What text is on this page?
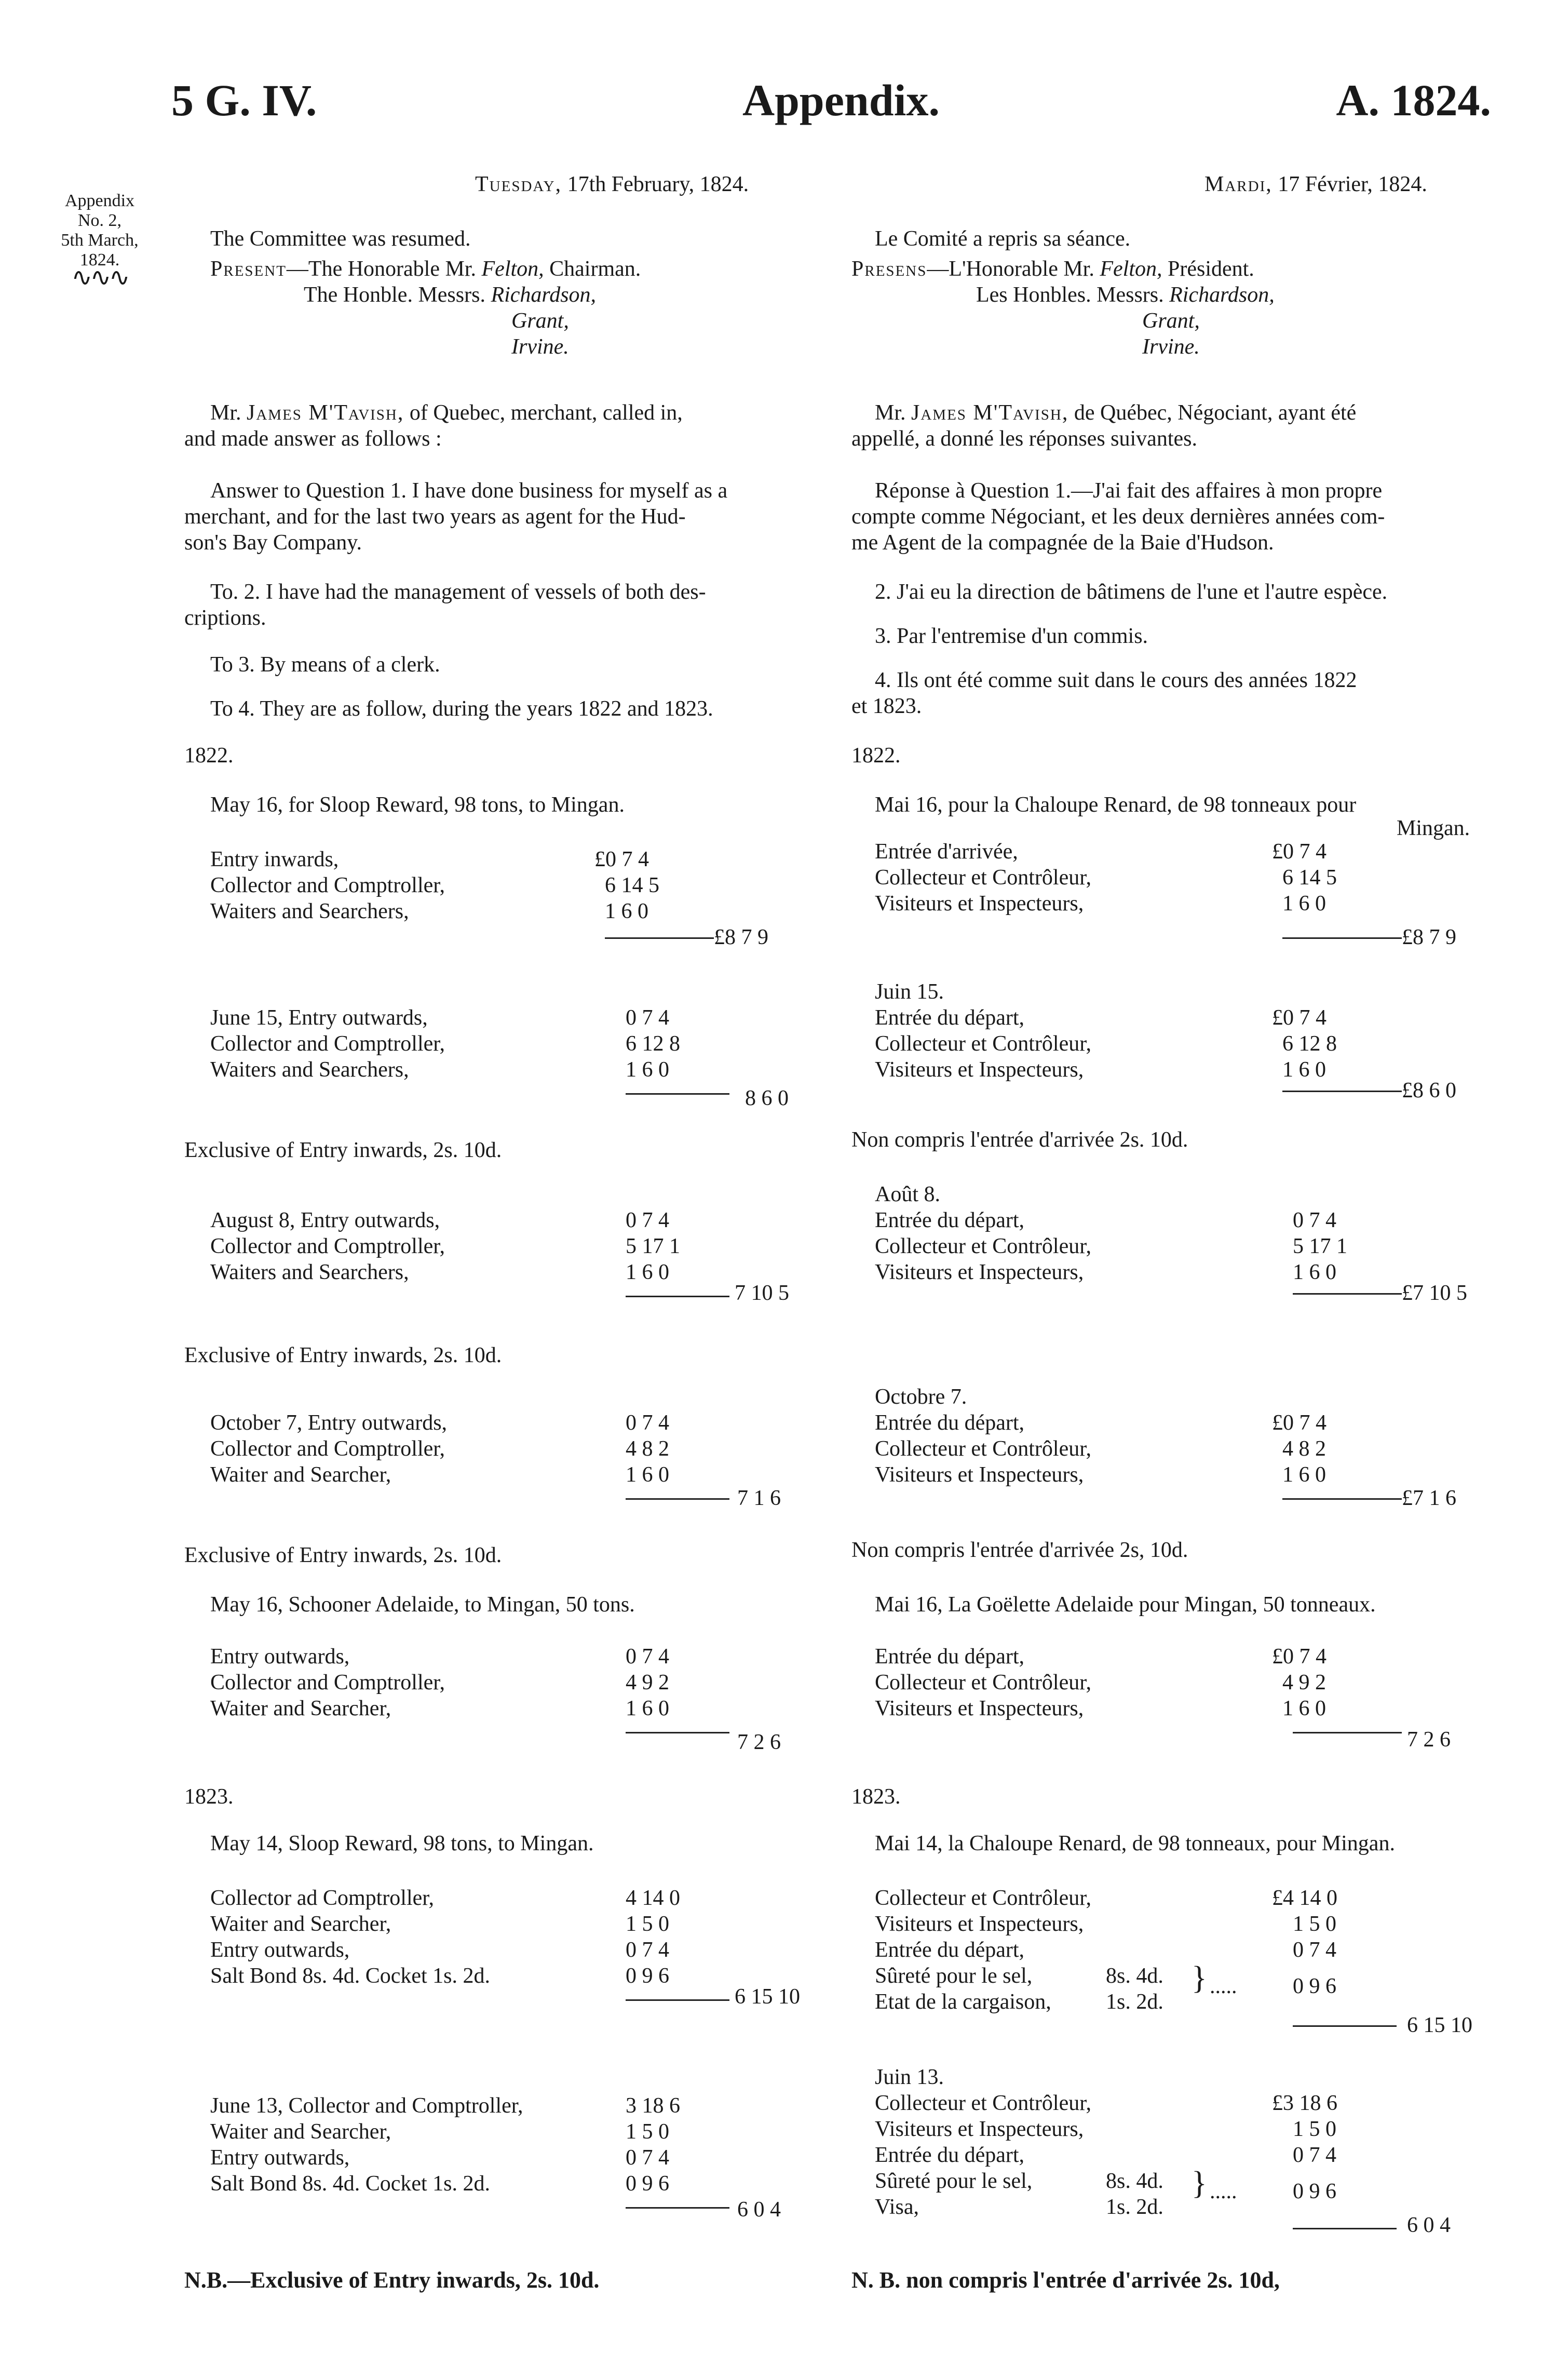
5 G. IV.	Appendix.	A. 1824.
Appendix
No. 2,
5th March,
1824.
∿∿∿
Tuesday, 17th February, 1824.
The Committee was resumed.
Present—The Honorable Mr. Felton, Chairman.
The Honble. Messrs. Richardson,
Grant,
Irvine.
Mr. James M'Tavish, of Quebec, merchant, called in,
and made answer as follows :
Answer to Question 1. I have done business for myself as a
merchant, and for the last two years as agent for the Hud-
son's Bay Company.
To. 2. I have had the management of vessels of both des-
criptions.
To 3. By means of a clerk.
To 4. They are as follow, during the years 1822 and 1823.
1822.
May 16, for Sloop Reward, 98 tons, to Mingan.
Entry inwards,	£0 7 4
Collector and Comptroller,	6 14 5
Waiters and Searchers,	1 6 0
£8 7 9
June 15, Entry outwards,	0 7 4
Collector and Comptroller,	6 12 8
Waiters and Searchers,	1 6 0
8 6 0
Exclusive of Entry inwards, 2s. 10d.
August 8, Entry outwards,	0 7 4
Collector and Comptroller,	5 17 1
Waiters and Searchers,	1 6 0
7 10 5
Exclusive of Entry inwards, 2s. 10d.
October 7, Entry outwards,	0 7 4
Collector and Comptroller,	4 8 2
Waiter and Searcher,	1 6 0
7 1 6
Exclusive of Entry inwards, 2s. 10d.
May 16, Schooner Adelaide, to Mingan, 50 tons.
Entry outwards,	0 7 4
Collector and Comptroller,	4 9 2
Waiter and Searcher,	1 6 0
7 2 6
1823.
May 14, Sloop Reward, 98 tons, to Mingan.
Collector ad Comptroller,	4 14 0
Waiter and Searcher,	1 5 0
Entry outwards,	0 7 4
Salt Bond 8s. 4d. Cocket 1s. 2d.	0 9 6
6 15 10
June 13, Collector and Comptroller,	3 18 6
Waiter and Searcher,	1 5 0
Entry outwards,	0 7 4
Salt Bond 8s. 4d. Cocket 1s. 2d.	0 9 6
6 0 4
N.B.—Exclusive of Entry inwards, 2s. 10d.
Mardi, 17 Février, 1824.
Le Comité a repris sa séance.
Presens—L'Honorable Mr. Felton, Président.
Les Honbles. Messrs. Richardson,
Grant,
Irvine.
Mr. James M'Tavish, de Québec, Négociant, ayant été
appellé, a donné les réponses suivantes.
Réponse à Question 1.—J'ai fait des affaires à mon propre
compte comme Négociant, et les deux dernières années com-
me Agent de la compagnée de la Baie d'Hudson.
2. J'ai eu la direction de bâtimens de l'une et l'autre espèce.
3. Par l'entremise d'un commis.
4. Ils ont été comme suit dans le cours des années 1822
et 1823.
1822.
Mai 16, pour la Chaloupe Renard, de 98 tonneaux pour
Mingan.
Entrée d'arrivée,	£0 7 4
Collecteur et Contrôleur,	6 14 5
Visiteurs et Inspecteurs,	1 6 0
£8 7 9
Juin 15.
Entrée du départ,	£0 7 4
Collecteur et Contrôleur,	6 12 8
Visiteurs et Inspecteurs,	1 6 0
£8 6 0
Non compris l'entrée d'arrivée 2s. 10d.
Août 8.
Entrée du départ,	0 7 4
Collecteur et Contrôleur,	5 17 1
Visiteurs et Inspecteurs,	1 6 0
£7 10 5
Octobre 7.
Entrée du départ,	£0 7 4
Collecteur et Contrôleur,	4 8 2
Visiteurs et Inspecteurs,	1 6 0
£7 1 6
Non compris l'entrée d'arrivée 2s, 10d.
Mai 16, La Goëlette Adelaide pour Mingan, 50 tonneaux.
Entrée du départ,	£0 7 4
Collecteur et Contrôleur,	4 9 2
Visiteurs et Inspecteurs,	1 6 0
7 2 6
1823.
Mai 14, la Chaloupe Renard, de 98 tonneaux, pour Mingan.
Collecteur et Contrôleur,	£4 14 0
Visiteurs et Inspecteurs,	1 5 0
Entrée du départ,	0 7 4
Sûreté pour le sel,	8s. 4d.
Etat de la cargaison,	1s. 2d.
} .....	0 9 6
6 15 10
Juin 13.
Collecteur et Contrôleur,	£3 18 6
Visiteurs et Inspecteurs,	1 5 0
Entrée du départ,	0 7 4
Sûreté pour le sel,	8s. 4d.
Visa,	1s. 2d.
} .....	0 9 6
6 0 4
N. B. non compris l'entrée d'arrivée 2s. 10d,
